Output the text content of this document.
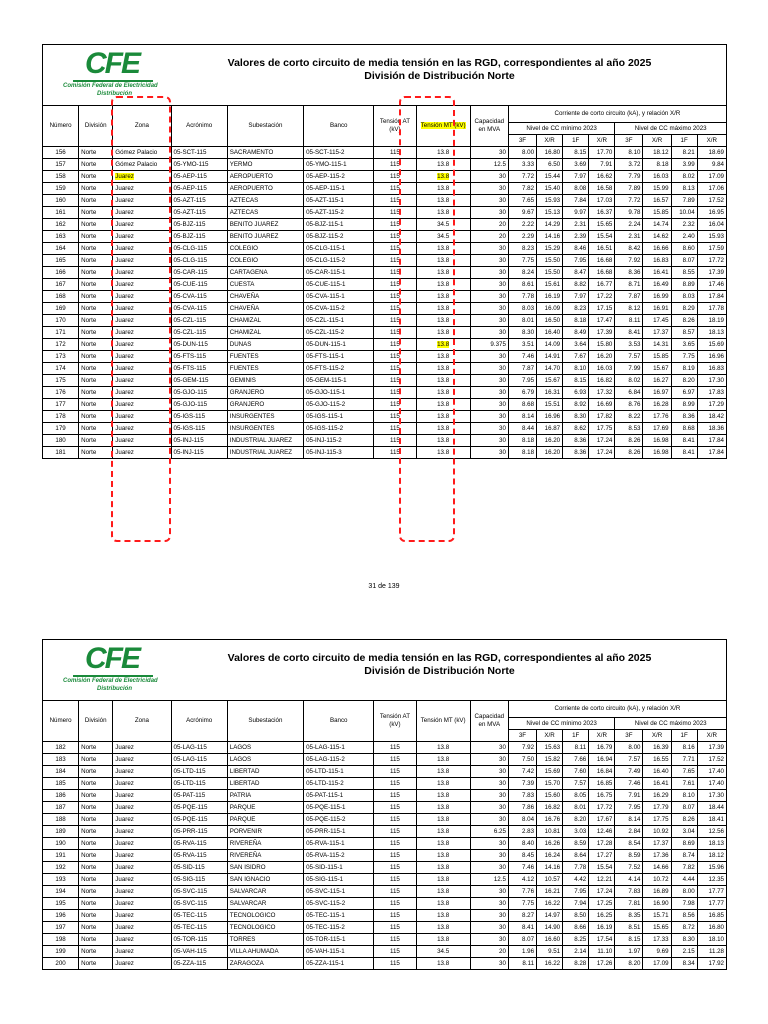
CFE
Comisión Federal de Electricidad
Distribución
Valores de corto circuito de media tensión en las RGD, correspondientes al año 2025
División de Distribución Norte
Número	División	Zona	Acrónimo	Subestación	Banco	Tensión AT (kV)	Tensión MT (kV)	Capacidad en MVA	Corriente de corto circuito (kA), y relación X/R							
									Nivel de CC mínimo 2023				Nivel de CC máximo 2023			
									3F	X/R	1F	X/R	3F	X/R	1F	X/R
156	Norte	Gómez Palacio	05-SCT-115	SACRAMENTO	05-SCT-115-2	115	13.8	30	8.00	16.80	8.15	17.70	8.10	18.12	8.21	18.69
157	Norte	Gómez Palacio	05-YMO-115	YERMO	05-YMO-115-1	115	13.8	12.5	3.33	6.50	3.69	7.91	3.72	8.18	3.99	9.84
158	Norte	Juarez	05-AEP-115	AEROPUERTO	05-AEP-115-2	115	13.8	30	7.72	15.44	7.97	16.62	7.79	16.03	8.02	17.09
159	Norte	Juarez	05-AEP-115	AEROPUERTO	05-AEP-115-1	115	13.8	30	7.82	15.40	8.08	16.58	7.89	15.99	8.13	17.06
160	Norte	Juarez	05-AZT-115	AZTECAS	05-AZT-115-1	115	13.8	30	7.65	15.93	7.84	17.03	7.72	16.57	7.89	17.52
161	Norte	Juarez	05-AZT-115	AZTECAS	05-AZT-115-2	115	13.8	30	9.67	15.13	9.97	16.37	9.78	15.85	10.04	16.95
162	Norte	Juarez	05-BJZ-115	BENITO JUAREZ	05-BJZ-115-1	115	34.5	20	2.22	14.29	2.31	15.65	2.24	14.74	2.32	16.04
163	Norte	Juarez	05-BJZ-115	BENITO JUAREZ	05-BJZ-115-2	115	34.5	20	2.29	14.16	2.39	15.54	2.31	14.62	2.40	15.93
164	Norte	Juarez	05-CLG-115	COLEGIO	05-CLG-115-1	115	13.8	30	8.23	15.29	8.46	16.51	8.42	16.66	8.60	17.59
165	Norte	Juarez	05-CLG-115	COLEGIO	05-CLG-115-2	115	13.8	30	7.75	15.50	7.95	16.68	7.92	16.83	8.07	17.72
166	Norte	Juarez	05-CAR-115	CARTAGENA	05-CAR-115-1	115	13.8	30	8.24	15.50	8.47	16.68	8.36	16.41	8.55	17.39
167	Norte	Juarez	05-CUE-115	CUESTA	05-CUE-115-1	115	13.8	30	8.61	15.61	8.82	16.77	8.71	16.49	8.89	17.46
168	Norte	Juarez	05-CVA-115	CHAVEÑA	05-CVA-115-1	115	13.8	30	7.78	16.19	7.97	17.22	7.87	16.99	8.03	17.84
169	Norte	Juarez	05-CVA-115	CHAVEÑA	05-CVA-115-2	115	13.8	30	8.03	16.09	8.23	17.15	8.12	16.91	8.29	17.78
170	Norte	Juarez	05-CZL-115	CHAMIZAL	05-CZL-115-1	115	13.8	30	8.01	16.50	8.18	17.47	8.11	17.45	8.26	18.19
171	Norte	Juarez	05-CZL-115	CHAMIZAL	05-CZL-115-2	115	13.8	30	8.30	16.40	8.49	17.39	8.41	17.37	8.57	18.13
172	Norte	Juarez	05-DUN-115	DUNAS	05-DUN-115-1	115	13.8	9.375	3.51	14.09	3.64	15.80	3.53	14.31	3.65	15.69
173	Norte	Juarez	05-FTS-115	FUENTES	05-FTS-115-1	115	13.8	30	7.46	14.91	7.67	16.20	7.57	15.85	7.75	16.96
174	Norte	Juarez	05-FTS-115	FUENTES	05-FTS-115-2	115	13.8	30	7.87	14.70	8.10	16.03	7.99	15.67	8.19	16.83
175	Norte	Juarez	05-GEM-115	GEMINIS	05-GEM-115-1	115	13.8	30	7.95	15.67	8.15	16.82	8.02	16.27	8.20	17.30
176	Norte	Juarez	05-GJO-115	GRANJERO	05-GJO-115-1	115	13.8	30	6.79	16.31	6.93	17.32	6.84	16.97	6.97	17.83
177	Norte	Juarez	05-GJO-115	GRANJERO	05-GJO-115-2	115	13.8	30	8.68	15.51	8.92	16.69	8.76	16.28	8.99	17.29
178	Norte	Juarez	05-IGS-115	INSURGENTES	05-IGS-115-1	115	13.8	30	8.14	16.96	8.30	17.82	8.22	17.76	8.36	18.42
179	Norte	Juarez	05-IGS-115	INSURGENTES	05-IGS-115-2	115	13.8	30	8.44	16.87	8.62	17.75	8.53	17.69	8.68	18.36
180	Norte	Juarez	05-INJ-115	INDUSTRIAL JUAREZ	05-INJ-115-2	115	13.8	30	8.18	16.20	8.36	17.24	8.26	16.98	8.41	17.84
181	Norte	Juarez	05-INJ-115	INDUSTRIAL JUAREZ	05-INJ-115-3	115	13.8	30	8.18	16.20	8.36	17.24	8.26	16.98	8.41	17.84
31 de 139
CFE
Comisión Federal de Electricidad
Distribución
Valores de corto circuito de media tensión en las RGD, correspondientes al año 2025
División de Distribución Norte
Número	División	Zona	Acrónimo	Subestación	Banco	Tensión AT (kV)	Tensión MT (kV)	Capacidad en MVA	Corriente de corto circuito (kA), y relación X/R							
									Nivel de CC mínimo 2023				Nivel de CC máximo 2023			
									3F	X/R	1F	X/R	3F	X/R	1F	X/R
182	Norte	Juarez	05-LAG-115	LAGOS	05-LAG-115-1	115	13.8	30	7.92	15.63	8.11	16.79	8.00	16.39	8.16	17.39
183	Norte	Juarez	05-LAG-115	LAGOS	05-LAG-115-2	115	13.8	30	7.50	15.82	7.66	16.94	7.57	16.55	7.71	17.52
184	Norte	Juarez	05-LTD-115	LIBERTAD	05-LTD-115-1	115	13.8	30	7.42	15.69	7.60	16.84	7.49	16.40	7.65	17.40
185	Norte	Juarez	05-LTD-115	LIBERTAD	05-LTD-115-2	115	13.8	30	7.39	15.70	7.57	16.85	7.46	16.41	7.61	17.40
186	Norte	Juarez	05-PAT-115	PATRIA	05-PAT-115-1	115	13.8	30	7.83	15.60	8.05	16.75	7.91	16.29	8.10	17.30
187	Norte	Juarez	05-PQE-115	PARQUE	05-PQE-115-1	115	13.8	30	7.86	16.82	8.01	17.72	7.95	17.79	8.07	18.44
188	Norte	Juarez	05-PQE-115	PARQUE	05-PQE-115-2	115	13.8	30	8.04	16.76	8.20	17.67	8.14	17.75	8.26	18.41
189	Norte	Juarez	05-PRR-115	PORVENIR	05-PRR-115-1	115	13.8	6.25	2.83	10.81	3.03	12.46	2.84	10.92	3.04	12.56
190	Norte	Juarez	05-RVA-115	RIVEREÑA	05-RVA-115-1	115	13.8	30	8.40	16.26	8.59	17.28	8.54	17.37	8.69	18.13
191	Norte	Juarez	05-RVA-115	RIVEREÑA	05-RVA-115-2	115	13.8	30	8.45	16.24	8.64	17.27	8.59	17.36	8.74	18.12
192	Norte	Juarez	05-SID-115	SAN ISIDRO	05-SID-115-1	115	13.8	30	7.46	14.16	7.78	15.54	7.52	14.66	7.82	15.96
193	Norte	Juarez	05-SIG-115	SAN IGNACIO	05-SIG-115-1	115	13.8	12.5	4.12	10.57	4.42	12.21	4.14	10.72	4.44	12.35
194	Norte	Juarez	05-SVC-115	SALVARCAR	05-SVC-115-1	115	13.8	30	7.76	16.21	7.95	17.24	7.83	16.89	8.00	17.77
195	Norte	Juarez	05-SVC-115	SALVARCAR	05-SVC-115-2	115	13.8	30	7.75	16.22	7.94	17.25	7.81	16.90	7.98	17.77
196	Norte	Juarez	05-TEC-115	TECNOLOGICO	05-TEC-115-1	115	13.8	30	8.27	14.97	8.50	16.25	8.35	15.71	8.56	16.85
197	Norte	Juarez	05-TEC-115	TECNOLOGICO	05-TEC-115-2	115	13.8	30	8.41	14.90	8.66	16.19	8.51	15.65	8.72	16.80
198	Norte	Juarez	05-TOR-115	TORRES	05-TOR-115-1	115	13.8	30	8.07	16.60	8.25	17.54	8.15	17.33	8.30	18.10
199	Norte	Juarez	05-VAH-115	VILLA AHUMADA	05-VAH-115-1	115	34.5	20	1.96	9.51	2.14	11.10	1.97	9.69	2.15	11.28
200	Norte	Juarez	05-ZZA-115	ZARAGOZA	05-ZZA-115-1	115	13.8	30	8.11	16.22	8.28	17.26	8.20	17.09	8.34	17.92
